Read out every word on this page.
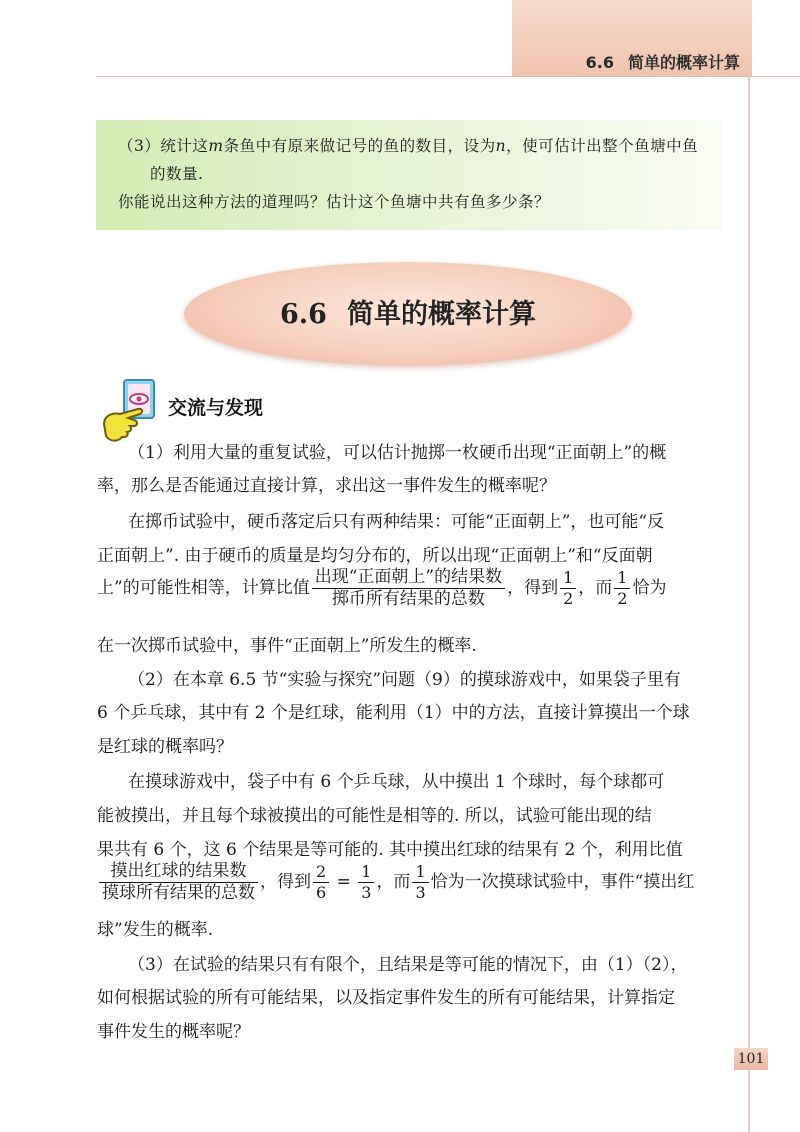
6.6 简单的概率计算
（3）统计这m条鱼中有原来做记号的鱼的数目，设为n，使可估计出整个鱼塘中鱼
的数量.
你能说出这种方法的道理吗？估计这个鱼塘中共有鱼多少条？
6.6 简单的概率计算
交流与发现
（1）利用大量的重复试验，可以估计抛掷一枚硬币出现“正面朝上”的概
率，那么是否能通过直接计算，求出这一事件发生的概率呢？
在掷币试验中，硬币落定后只有两种结果：可能“正面朝上”，也可能“反
正面朝上”. 由于硬币的质量是均匀分布的，所以出现“正面朝上”和“反面朝
上”的可能性相等，计算比值 $\frac{\text{出现“正面朝上”的结果数}}{\text{掷币所有结果的总数}}$ ，得到 $\frac{1}{2}$ ，而 $\frac{1}{2}$ 恰为
在一次掷币试验中，事件“正面朝上”所发生的概率.
（2）在本章 6.5 节“实验与探究”问题（9）的摸球游戏中，如果袋子里有
6 个乒乓球，其中有 2 个是红球，能利用（1）中的方法，直接计算摸出一个球
是红球的概率吗？
在摸球游戏中，袋子中有 6 个乒乓球，从中摸出 1 个球时，每个球都可
能被摸出，并且每个球被摸出的可能性是相等的. 所以，试验可能出现的结
果共有 6 个，这 6 个结果是等可能的. 其中摸出红球的结果有 2 个，利用比值
$\frac{\text{摸出红球的结果数}}{\text{摸球所有结果的总数}}$ ，得到 $\frac{2}{6} = \frac{1}{3}$ ，而 $\frac{1}{3}$ 恰为一次摸球试验中，事件“摸出红
球”发生的概率.
（3）在试验的结果只有有限个，且结果是等可能的情况下，由（1）（2），
如何根据试验的所有可能结果，以及指定事件发生的所有可能结果，计算指定
事件发生的概率呢？
101
